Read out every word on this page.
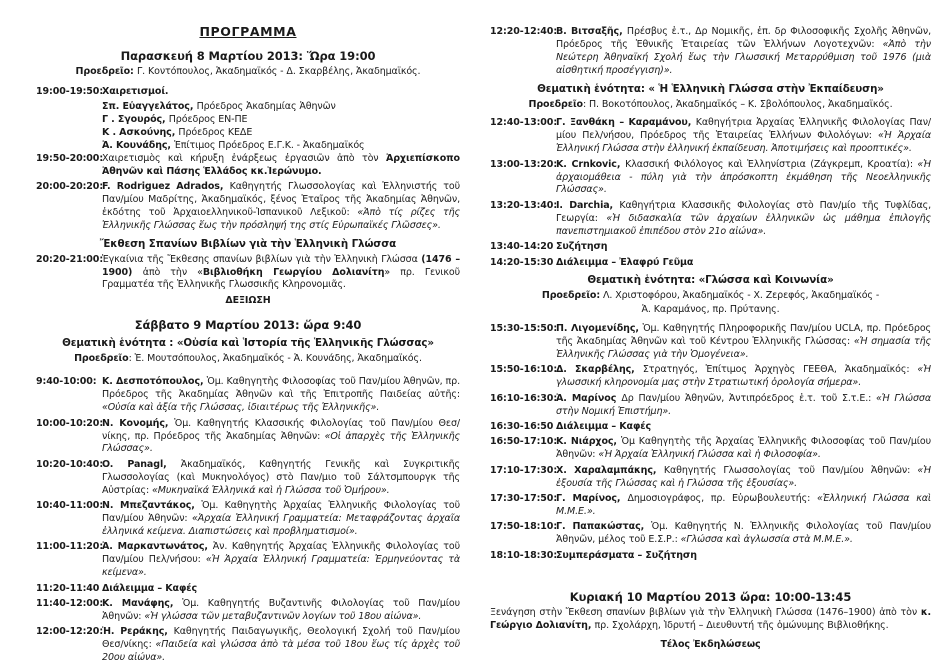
ΠΡΟΓΡΑΜΜΑ
Παρασκευή 8 Μαρτίου 2013: Ὥρα 19:00
Προεδρεῖο: Γ. Κοντόπουλος, Ἀκαδημαϊκός - Δ. Σκαρβέλης, Ἀκαδημαϊκός.
19:00-19:50:
Χαιρετισμοί.
Σπ. Εὐαγγελάτος, Πρόεδρος Ἀκαδημίας Ἀθηνῶν
Γ . Σγουρός, Πρόεδρος ΕΝ-ΠΕ
Κ . Ασκούνης, Πρόεδρος ΚΕΔΕ
Ἀ. Κουνάδης, Ἐπίτιμος Πρόεδρος Ε.Γ.Κ. - Ἀκαδημαϊκός
19:50-20:00:
Χαιρετισμὸς καὶ κήρυξη ἐνάρξεως ἐργασιῶν ἀπὸ τὸν Ἀρχιεπίσκοπο Ἀθηνῶν καὶ Πάσης Ἑλλάδος κκ.Ἱερώνυμο.
20:00-20:20:
F. Rodriguez Adrados, Καθηγητής Γλωσσολογίας καὶ Ἑλληνιστής τοῦ Παν/μίου Μαδρίτης, Ἀκαδημαϊκός, ξένος Ἑταῖρος τῆς Ἀκαδημίας Ἀθηνῶν, ἐκδότης τοῦ Ἀρχαιοελληνικοῦ-Ἰσπανικοῦ Λεξικοῦ: «Ἀπὸ τίς ρίζες τῆς Ἑλληνικῆς Γλώσσας ἕως τὴν πρόσληψή της στίς Εὐρωπαϊκές Γλῶσσες».
Ἔκθεση Σπανίων Βιβλίων γιὰ τὴν Ἑλληνικὴ Γλώσσα
20:20-21:00:
Ἐγκαίνια τῆς Ἔκθεσης σπανίων βιβλίων γιὰ τὴν Ἑλληνικὴ Γλώσσα (1476 – 1900) ἀπὸ τὴν «Βιβλιοθήκη Γεωργίου Δολιανίτη» πρ. Γενικοῦ Γραμματέα τῆς Ἑλληνικῆς Γλωσσικῆς Κληρονομιᾶς.
ΔΕΞΙΩΣΗ
Σάββατο 9 Μαρτίου 2013: ὥρα 9:40
Θεματικὴ ἑνότητα : «Οὐσία καὶ Ἱστορία τῆς Ἑλληνικῆς Γλώσσας»
Προεδρεῖο: Ἑ. Μουτσόπουλος, Ἀκαδημαϊκός - Ἀ. Κουνάδης, Ἀκαδημαϊκός.
9:40-10:00: Κ. Δεσποτόπουλος, Ὁμ. Καθηγητὴς Φιλοσοφίας τοῦ Παν/μίου Ἀθηνῶν, πρ. Πρόεδρος τῆς Ἀκαδημίας Ἀθηνῶν καὶ τῆς Ἐπιτροπῆς Παιδείας αὐτῆς: «Οὐσία καὶ ἀξία τῆς Γλώσσας, ἰδιαιτέρως τῆς Ἑλληνικῆς».
10:00-10:20:
Ν. Κονομής, Ὁμ. Καθηγητής Κλασσικής Φιλολογίας τοῦ Παν/μίου Θεσ/νίκης, πρ. Πρόεδρος τῆς Ἀκαδημίας Ἀθηνῶν: «Οἱ ἀπαρχὲς τῆς Ἑλληνικῆς Γλώσσας».
10:20-10:40:
O. Panagl, Ἀκαδημαϊκός, Καθηγητής Γενικῆς καὶ Συγκριτικῆς Γλωσσολογίας (καὶ Μυκηνολόγος) στὸ Παν/μιο τοῦ Σάλτσμπουργκ τῆς Αὐστρίας: «Μυκηναϊκά Ἑλληνικά καὶ ἡ Γλώσσα τοῦ Ὁμήρου».
10:40-11:00:
Ν. Μπεζαντάκος, Ὁμ. Καθηγητὴς Ἀρχαίας Ἑλληνικῆς Φιλολογίας τοῦ Παν/μίου Ἀθηνῶν: «Ἀρχαία Ἑλληνική Γραμματεία: Μεταφράζοντας ἀρχαῖα ἑλληνικά κείμενα. Διαπιστώσεις καὶ προβληματισμοί».
11:00-11:20:
Ἀ. Μαρκαντωνάτος, Ἀν. Καθηγητής Ἀρχαίας Ἑλληνικῆς Φιλολογίας τοῦ Παν/μίου Πελ/νήσου: «Ἡ Ἀρχαία Ἑλληνική Γραμματεία: Ἑρμηνεύοντας τὰ κείμενα».
11:20-11:40 Διάλειμμα – Καφές
11:40-12:00:
Κ. Μανάφης, Ὁμ. Καθηγητής Βυζαντινῆς Φιλολογίας τοῦ Παν/μίου Ἀθηνῶν: «Ἡ γλώσσα τῶν μεταβυζαντινῶν λογίων τοῦ 18ου αἰώνα».
12:00-12:20:
Ἡ. Ρεράκης, Καθηγητής Παιδαγωγικῆς, Θεολογική Σχολή τοῦ Παν/μίου Θεσ/νίκης: «Παιδεία καὶ γλώσσα ἀπὸ τὰ μέσα τοῦ 18ου ἕως τίς ἀρχὲς τοῦ 20ου αἰώνα».
12:20-12:40:
Β. Βιτσαξῆς, Πρέσβυς ἑ.τ., Δρ Νομικῆς, ἐπ. δρ Φιλοσοφικῆς Σχολῆς Ἀθηνῶν, Πρόεδρος τῆς Ἐθνικῆς Ἑταιρείας τῶν Ἑλλήνων Λογοτεχνῶν: «Ἀπὸ τὴν Νεώτερη Ἀθηναϊκή Σχολή ἕως τὴν Γλωσσική Μεταρρύθμιση τοῦ 1976 (μιὰ αἰσθητική προσέγγιση)».
Θεματικὴ ἑνότητα: « Ἡ Ἑλληνικὴ Γλώσσα στὴν Ἐκπαίδευση»
Προεδρεῖο: Π. Βοκοτόπουλος, Ἀκαδημαϊκός – Κ. Σβολόπουλος, Ἀκαδημαϊκός.
12:40-13:00:
Γ. Ξανθάκη – Καραμάνου, Καθηγήτρια Ἀρχαίας Ἑλληνικῆς Φιλολογίας Παν/μίου Πελ/νήσου, Πρόεδρος τῆς Ἑταιρείας Ἑλλήνων Φιλολόγων: «Ἡ Ἀρχαία Ἑλληνική Γλώσσα στὴν ἑλληνική ἐκπαίδευση. Ἀποτιμήσεις καὶ προοπτικές».
13:00-13:20:
Κ. Crnkovic, Κλασσική Φιλόλογος καὶ Ἑλληνίστρια (Ζάγκρεμπ, Κροατία): «Ἡ ἀρχαιομάθεια - πύλη γιὰ τὴν ἀπρόσκοπτη ἐκμάθηση τῆς Νεοελληνικῆς Γλώσσας».
13:20-13:40:
I. Darchia, Καθηγήτρια Κλασσικῆς Φιλολογίας στὸ Παν/μίο τῆς Τυφλίδας, Γεωργία: «Ἡ διδασκαλία τῶν ἀρχαίων ἑλληνικῶν ὡς μάθημα ἐπιλογῆς πανεπιστημιακοῦ ἐπιπέδου στὸν 21ο αἰώνα».
13:40-14:20 Συζήτηση
14:20-15:30 Διάλειμμα – Ἐλαφρύ Γεῦμα
Θεματικὴ ἑνότητα: «Γλώσσα καὶ Κοινωνία»
Προεδρεῖο: Λ. Χριστοφόρου, Ἀκαδημαϊκός - Χ. Ζερεφός, Ἀκαδημαϊκός -
Ἀ. Καραμάνος, πρ. Πρύτανης.
15:30-15:50:
Π. Λιγομενίδης, Ὁμ. Καθηγητής Πληροφορικῆς Παν/μίου UCLA, πρ. Πρόεδρος τῆς Ἀκαδημίας Ἀθηνῶν καὶ τοῦ Κέντρου Ἑλληνικῆς Γλώσσας: «Ἡ σημασία τῆς Ἑλληνικῆς Γλώσσας γιὰ τὴν Ὁμογένεια».
15:50-16:10:
Δ. Σκαρβέλης, Στρατηγός, Ἐπίτιμος Ἀρχηγὸς ΓΕΕΘΑ, Ἀκαδημαϊκός: «Ἡ γλωσσική κληρονομία μας στὴν Στρατιωτική ὁρολογία σήμερα».
16:10-16:30:
Ἀ. Μαρίνος Δρ Παν/μίου Ἀθηνῶν, Ἀντιπρόεδρος ἑ.τ. τοῦ Σ.τ.Ε.: «Ἡ Γλώσσα στὴν Νομική Ἐπιστήμη».
16:30-16:50 Διάλειμμα – Καφές
16:50-17:10:
Κ. Νιάρχος, Ὁμ Καθηγητὴς τῆς Ἀρχαίας Ἑλληνικῆς Φιλοσοφίας τοῦ Παν/μίου Ἀθηνῶν: «Ἡ Ἀρχαία Ἑλληνική Γλώσσα καὶ ἡ Φιλοσοφία».
17:10-17:30:
Χ. Χαραλαμπάκης, Καθηγητής Γλωσσολογίας τοῦ Παν/μίου Ἀθηνῶν: «Ἡ ἐξουσία τῆς Γλώσσας καὶ ἡ Γλώσσα τῆς ἐξουσίας».
17:30-17:50:
Γ. Μαρίνος, Δημοσιογράφος, πρ. Εὐρωβουλευτής: «Ἑλληνική Γλώσσα καὶ Μ.Μ.Ε.».
17:50-18:10:
Γ. Παπακώστας, Ὁμ. Καθηγητής Ν. Ἑλληνικῆς Φιλολογίας τοῦ Παν/μίου Ἀθηνῶν, μέλος τοῦ Ε.Σ.Ρ.: «Γλώσσα καὶ ἀγλωσσία στὰ Μ.Μ.Ε.».
18:10-18:30:
Συμπεράσματα – Συζήτηση
Κυριακή 10 Μαρτίου 2013 ὥρα: 10:00-13:45
Ξενάγηση στὴν Ἔκθεση σπανίων βιβλίων γιὰ τὴν Ἑλληνικὴ Γλώσσα (1476–1900) ἀπὸ τὸν κ. Γεώργιο Δολιανίτη, πρ. Σχολάρχη, Ἱδρυτή – Διευθυντή τῆς ὁμώνυμης Βιβλιοθήκης.
Τέλος Ἐκδηλώσεως
